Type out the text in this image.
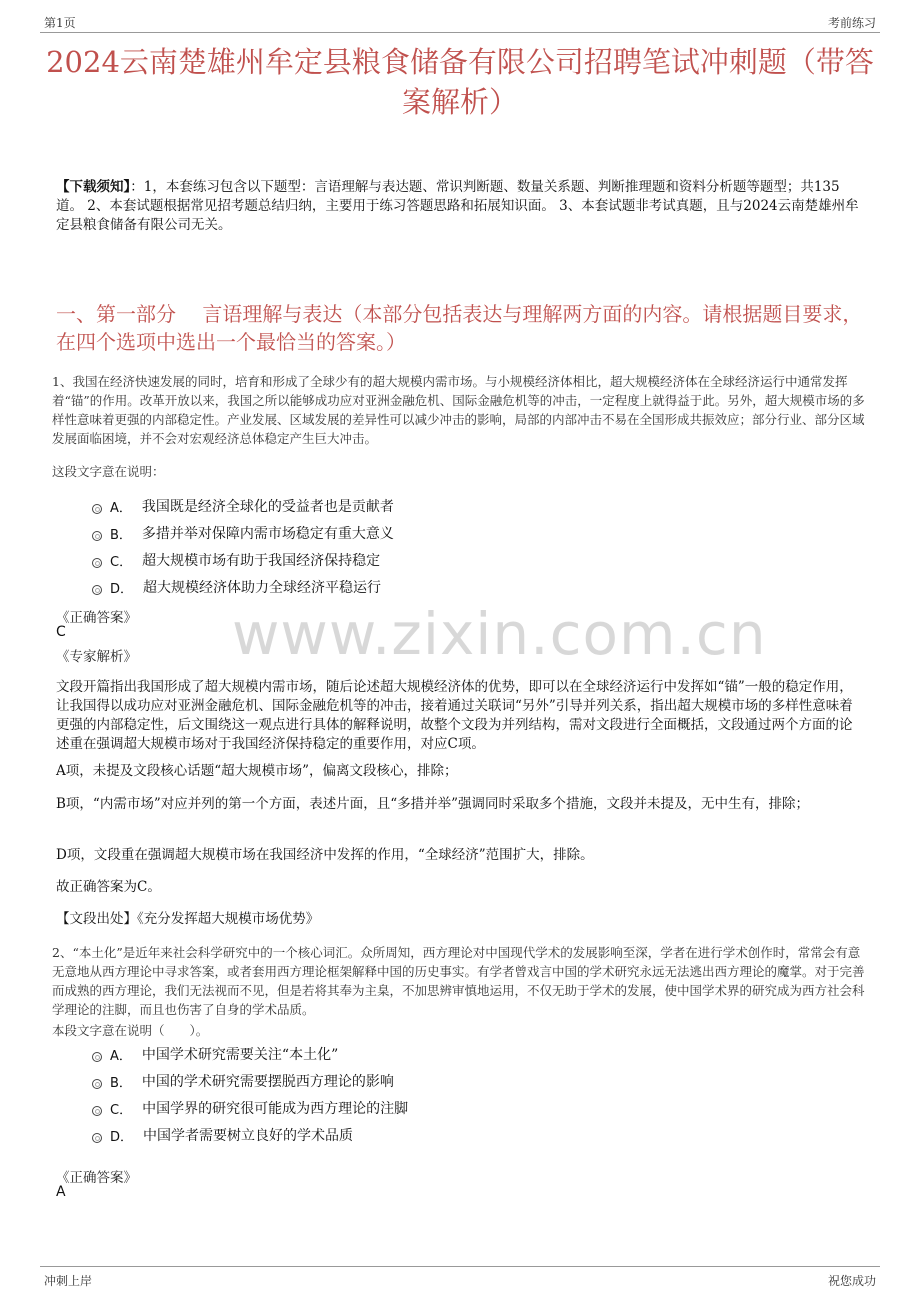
第1页	考前练习
2024云南楚雄州牟定县粮食储备有限公司招聘笔试冲刺题（带答案解析）
【下载须知】：1，本套练习包含以下题型：言语理解与表达题、常识判断题、数量关系题、判断推理题和资料分析题等题型；共135道。 2、本套试题根据常见招考题总结归纳，主要用于练习答题思路和拓展知识面。 3、本套试题非考试真题，且与2024云南楚雄州牟定县粮食储备有限公司无关。
一、第一部分　 言语理解与表达（本部分包括表达与理解两方面的内容。请根据题目要求，在四个选项中选出一个最恰当的答案。）
1、我国在经济快速发展的同时，培育和形成了全球少有的超大规模内需市场。与小规模经济体相比，超大规模经济体在全球经济运行中通常发挥着“锚”的作用。改革开放以来，我国之所以能够成功应对亚洲金融危机、国际金融危机等的冲击，一定程度上就得益于此。另外，超大规模市场的多样性意味着更强的内部稳定性。产业发展、区域发展的差异性可以减少冲击的影响，局部的内部冲击不易在全国形成共振效应；部分行业、部分区域发展面临困境，并不会对宏观经济总体稳定产生巨大冲击。
这段文字意在说明：
A． 我国既是经济全球化的受益者也是贡献者
B． 多措并举对保障内需市场稳定有重大意义
C． 超大规模市场有助于我国经济保持稳定
D． 超大规模经济体助力全球经济平稳运行
《正确答案》
C
《专家解析》 www.zixin.com.cn
文段开篇指出我国形成了超大规模内需市场，随后论述超大规模经济体的优势，即可以在全球经济运行中发挥如“锚”一般的稳定作用，让我国得以成功应对亚洲金融危机、国际金融危机等的冲击，接着通过关联词“另外”引导并列关系，指出超大规模市场的多样性意味着更强的内部稳定性，后文围绕这一观点进行具体的解释说明，故整个文段为并列结构，需对文段进行全面概括，文段通过两个方面的论述重在强调超大规模市场对于我国经济保持稳定的重要作用，对应C项。
A项，未提及文段核心话题“超大规模市场”，偏离文段核心，排除；
B项，“内需市场”对应并列的第一个方面，表述片面，且“多措并举”强调同时采取多个措施，文段并未提及，无中生有，排除；
D项，文段重在强调超大规模市场在我国经济中发挥的作用，“全球经济”范围扩大，排除。
故正确答案为C。
【文段出处】《充分发挥超大规模市场优势》
2、“本土化”是近年来社会科学研究中的一个核心词汇。众所周知，西方理论对中国现代学术的发展影响至深，学者在进行学术创作时，常常会有意无意地从西方理论中寻求答案，或者套用西方理论框架解释中国的历史事实。有学者曾戏言中国的学术研究永远无法逃出西方理论的魔掌。对于完善而成熟的西方理论，我们无法视而不见，但是若将其奉为主臬，不加思辨审慎地运用，不仅无助于学术的发展，使中国学术界的研究成为西方社会科学理论的注脚，而且也伤害了自身的学术品质。
本段文字意在说明（　　）。
A． 中国学术研究需要关注“本土化”
B． 中国的学术研究需要摆脱西方理论的影响
C． 中国学界的研究很可能成为西方理论的注脚
D． 中国学者需要树立良好的学术品质
《正确答案》
A
冲刺上岸	祝您成功
